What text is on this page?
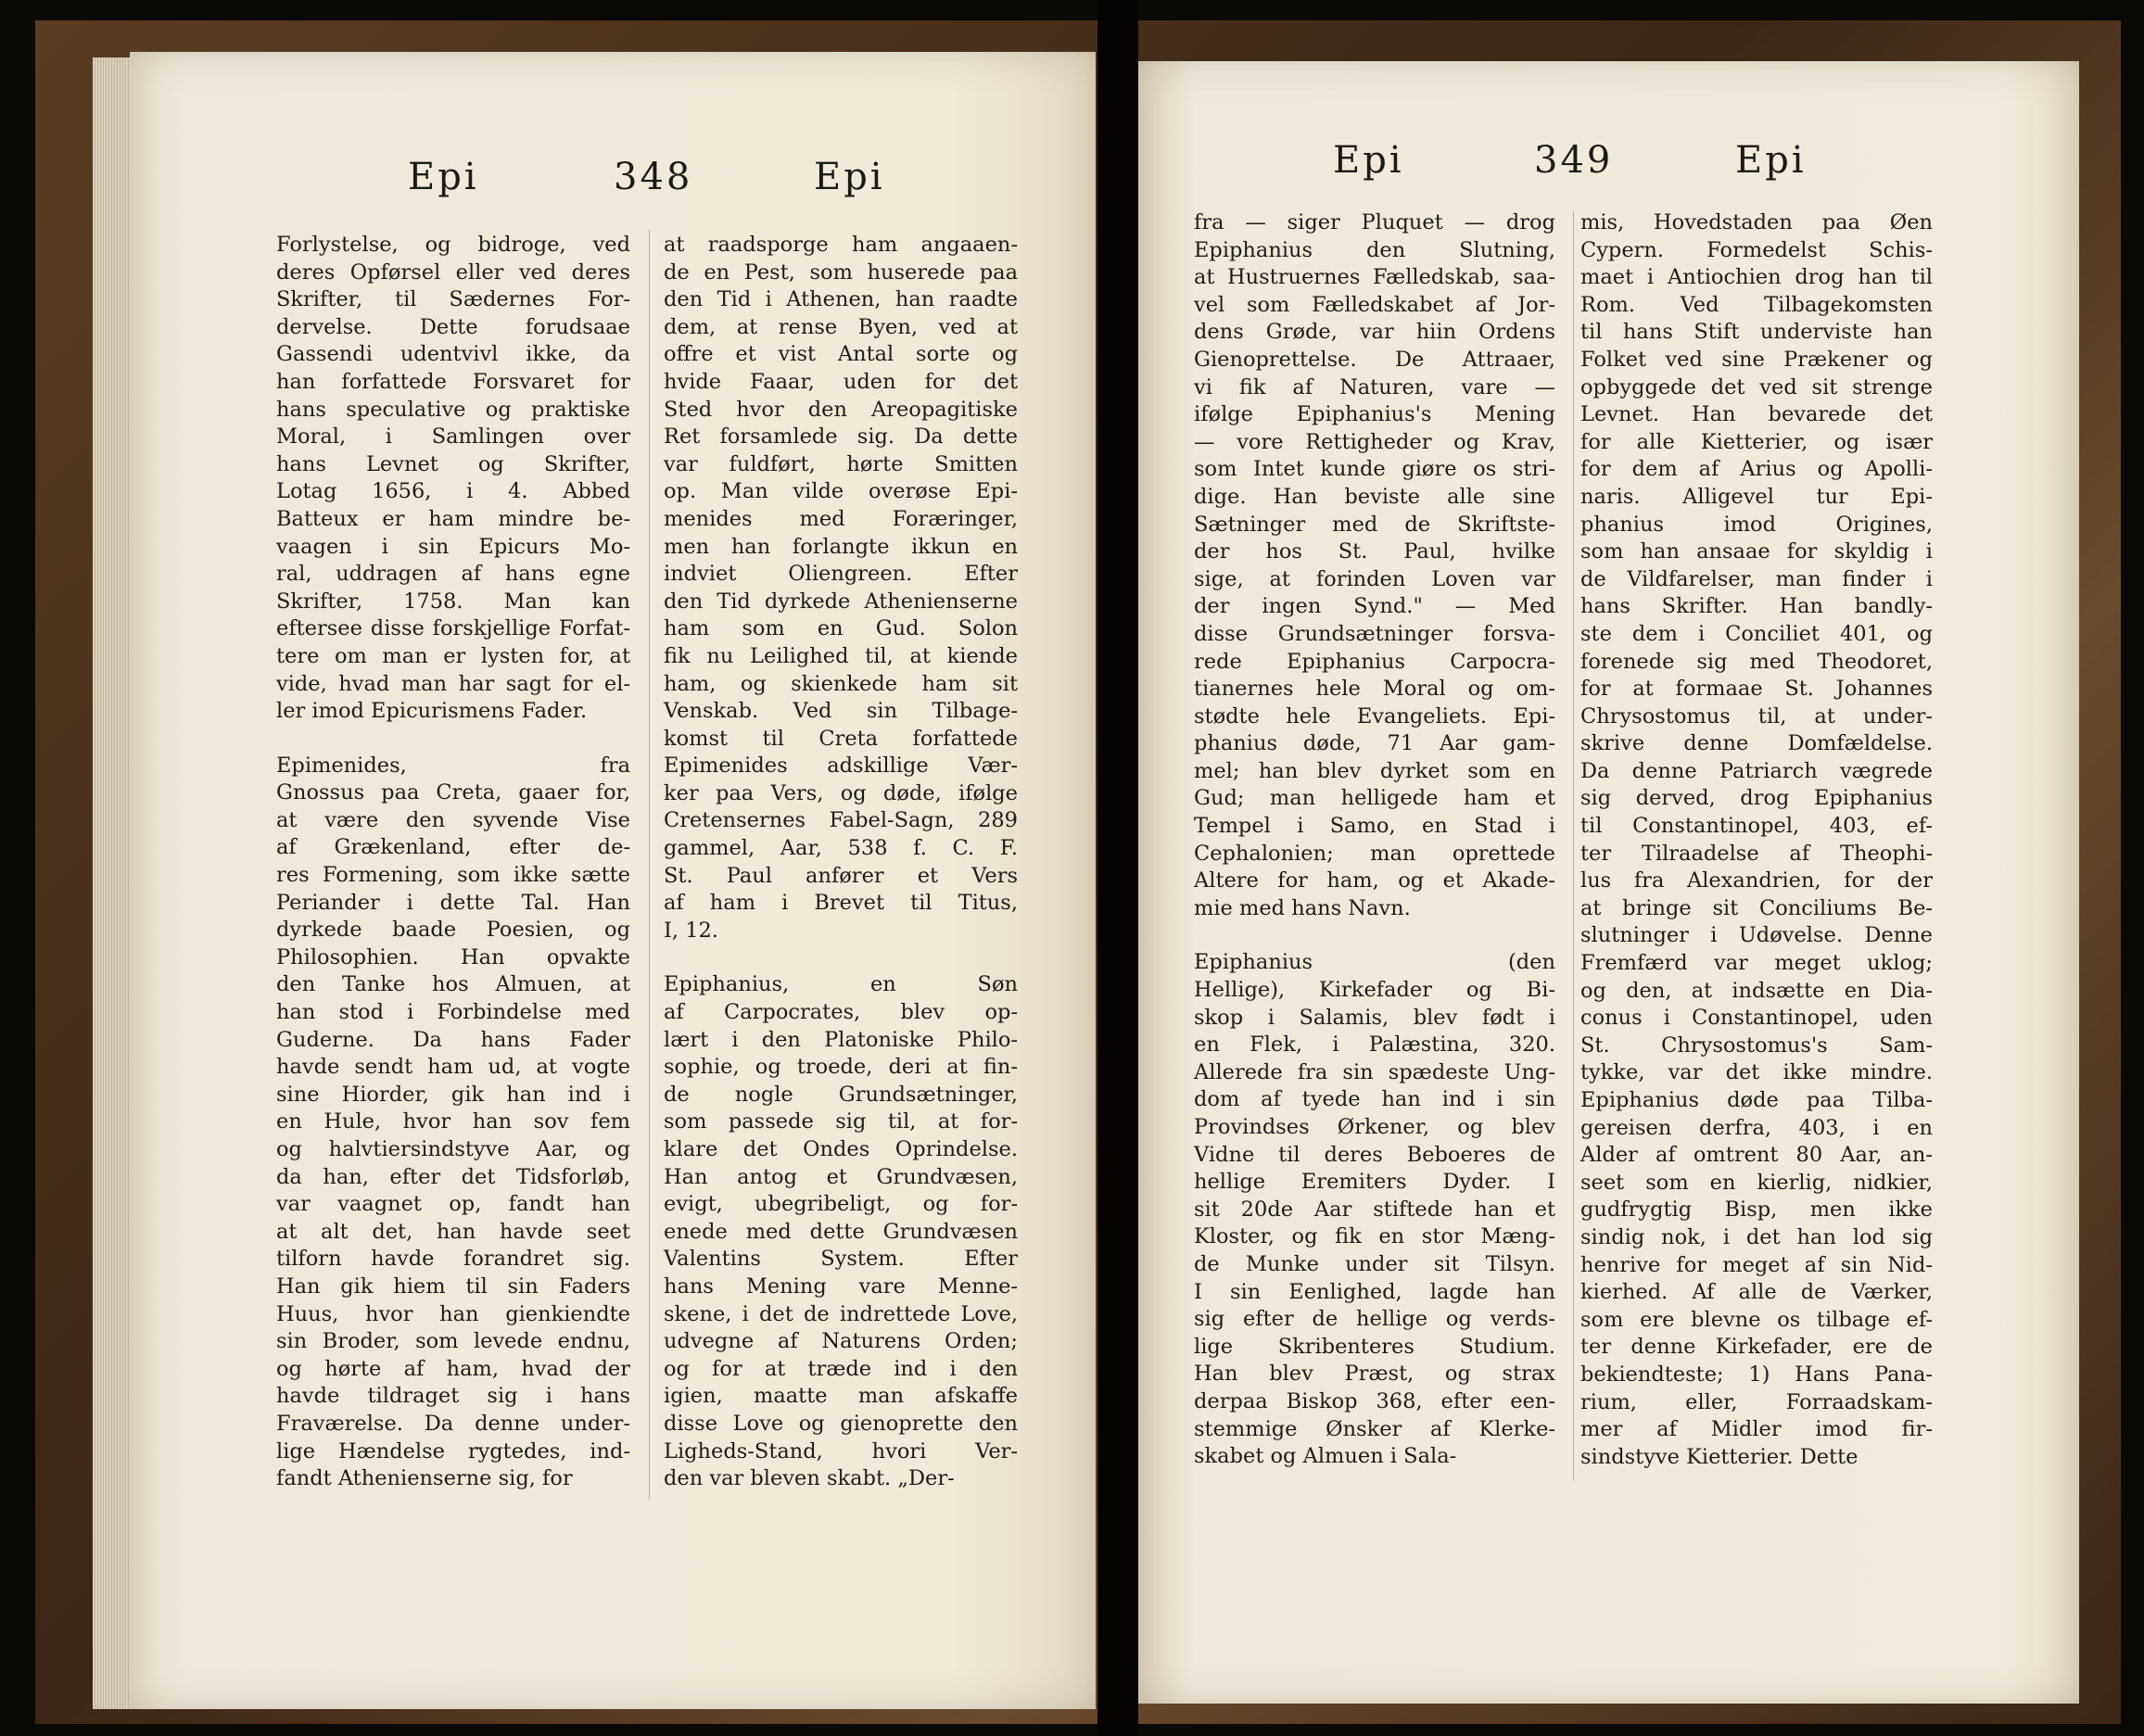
Epi	348	Epi	Epi	349	Epi
Forlystelse, og bidroge, ved
deres Opførsel eller ved deres
Skrifter, til Sædernes For-
dervelse. Dette forudsaae
Gassendi udentvivl ikke, da
han forfattede Forsvaret for
hans speculative og praktiske
Moral, i Samlingen over
hans Levnet og Skrifter,
Lotag 1656, i 4. Abbed
Batteux er ham mindre be-
vaagen i sin Epicurs Mo-
ral, uddragen af hans egne
Skrifter, 1758. Man kan
eftersee disse forskjellige Forfat-
tere om man er lysten for, at
vide, hvad man har sagt for el-
ler imod Epicurismens Fader.
Epimenides, fra
Gnossus paa Creta, gaaer for,
at være den syvende Vise
af Grækenland, efter de-
res Formening, som ikke sætte
Periander i dette Tal. Han
dyrkede baade Poesien, og
Philosophien. Han opvakte
den Tanke hos Almuen, at
han stod i Forbindelse med
Guderne. Da hans Fader
havde sendt ham ud, at vogte
sine Hiorder, gik han ind i
en Hule, hvor han sov fem
og halvtiersindstyve Aar, og
da han, efter det Tidsforløb,
var vaagnet op, fandt han
at alt det, han havde seet
tilforn havde forandret sig.
Han gik hiem til sin Faders
Huus, hvor han gienkiendte
sin Broder, som levede endnu,
og hørte af ham, hvad der
havde tildraget sig i hans
Fraværelse. Da denne under-
lige Hændelse rygtedes, ind-
fandt Athenienserne sig, for
at raadsporge ham angaaen-
de en Pest, som huserede paa
den Tid i Athenen, han raadte
dem, at rense Byen, ved at
offre et vist Antal sorte og
hvide Faaar, uden for det
Sted hvor den Areopagitiske
Ret forsamlede sig. Da dette
var fuldført, hørte Smitten
op. Man vilde overøse Epi-
menides med Foræringer,
men han forlangte ikkun en
indviet Oliengreen. Efter
den Tid dyrkede Athenienserne
ham som en Gud. Solon
fik nu Leilighed til, at kiende
ham, og skienkede ham sit
Venskab. Ved sin Tilbage-
komst til Creta forfattede
Epimenides adskillige Vær-
ker paa Vers, og døde, ifølge
Cretensernes Fabel-Sagn, 289
gammel, Aar, 538 f. C. F.
St. Paul anfører et Vers
af ham i Brevet til Titus,
I, 12.
Epiphanius, en Søn
af Carpocrates, blev op-
lært i den Platoniske Philo-
sophie, og troede, deri at fin-
de nogle Grundsætninger,
som passede sig til, at for-
klare det Ondes Oprindelse.
Han antog et Grundvæsen,
evigt, ubegribeligt, og for-
enede med dette Grundvæsen
Valentins System. Efter
hans Mening vare Menne-
skene, i det de indrettede Love,
udvegne af Naturens Orden;
og for at træde ind i den
igien, maatte man afskaffe
disse Love og gienoprette den
Ligheds-Stand, hvori Ver-
den var bleven skabt. „Der-
fra — siger Pluquet — drog
Epiphanius den Slutning,
at Hustruernes Fælledskab, saa-
vel som Fælledskabet af Jor-
dens Grøde, var hiin Ordens
Gienoprettelse. De Attraaer,
vi fik af Naturen, vare —
ifølge Epiphanius's Mening
— vore Rettigheder og Krav,
som Intet kunde giøre os stri-
dige. Han beviste alle sine
Sætninger med de Skriftste-
der hos St. Paul, hvilke
sige, at forinden Loven var
der ingen Synd." — Med
disse Grundsætninger forsva-
rede Epiphanius Carpocra-
tianernes hele Moral og om-
stødte hele Evangeliets. Epi-
phanius døde, 71 Aar gam-
mel; han blev dyrket som en
Gud; man helligede ham et
Tempel i Samo, en Stad i
Cephalonien; man oprettede
Altere for ham, og et Akade-
mie med hans Navn.
Epiphanius (den
Hellige), Kirkefader og Bi-
skop i Salamis, blev født i
en Flek, i Palæstina, 320.
Allerede fra sin spædeste Ung-
dom af tyede han ind i sin
Provindses Ørkener, og blev
Vidne til deres Beboeres de
hellige Eremiters Dyder. I
sit 20de Aar stiftede han et
Kloster, og fik en stor Mæng-
de Munke under sit Tilsyn.
I sin Eenlighed, lagde han
sig efter de hellige og verds-
lige Skribenteres Studium.
Han blev Præst, og strax
derpaa Biskop 368, efter een-
stemmige Ønsker af Klerke-
skabet og Almuen i Sala-
mis, Hovedstaden paa Øen
Cypern. Formedelst Schis-
maet i Antiochien drog han til
Rom. Ved Tilbagekomsten
til hans Stift underviste han
Folket ved sine Prækener og
opbyggede det ved sit strenge
Levnet. Han bevarede det
for alle Kietterier, og især
for dem af Arius og Apolli-
naris. Alligevel tur Epi-
phanius imod Origines,
som han ansaae for skyldig i
de Vildfarelser, man finder i
hans Skrifter. Han bandly-
ste dem i Conciliet 401, og
forenede sig med Theodoret,
for at formaae St. Johannes
Chrysostomus til, at under-
skrive denne Domfældelse.
Da denne Patriarch vægrede
sig derved, drog Epiphanius
til Constantinopel, 403, ef-
ter Tilraadelse af Theophi-
lus fra Alexandrien, for der
at bringe sit Conciliums Be-
slutninger i Udøvelse. Denne
Fremfærd var meget uklog;
og den, at indsætte en Dia-
conus i Constantinopel, uden
St. Chrysostomus's Sam-
tykke, var det ikke mindre.
Epiphanius døde paa Tilba-
gereisen derfra, 403, i en
Alder af omtrent 80 Aar, an-
seet som en kierlig, nidkier,
gudfrygtig Bisp, men ikke
sindig nok, i det han lod sig
henrive for meget af sin Nid-
kierhed. Af alle de Værker,
som ere blevne os tilbage ef-
ter denne Kirkefader, ere de
bekiendteste; 1) Hans Pana-
rium, eller, Forraadskam-
mer af Midler imod fir-
sindstyve Kietterier. Dette
